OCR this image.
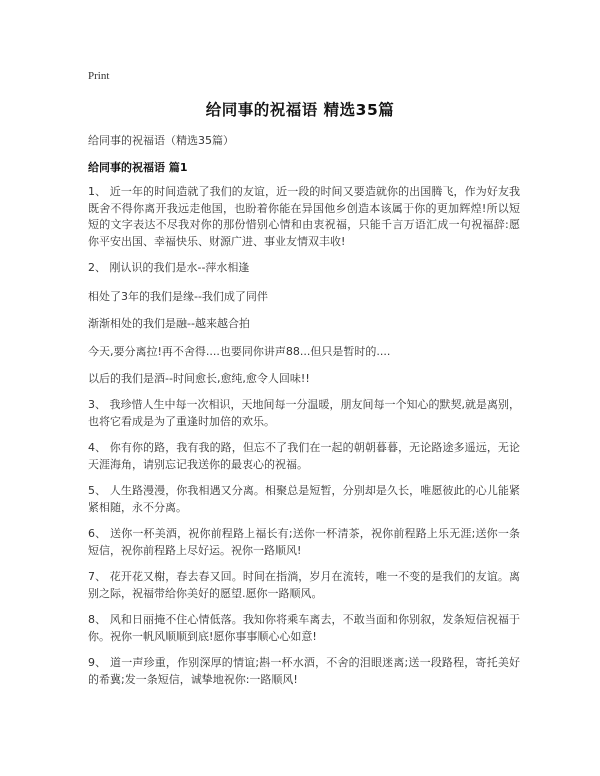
Print
给同事的祝福语 精选35篇
给同事的祝福语（精选35篇）
给同事的祝福语 篇1

1、 近一年的时间造就了我们的友谊，近一段的时间又要造就你的出国腾飞，作为好友我既舍不得你离开我远走他国，也盼着你能在异国他乡创造本该属于你的更加辉煌!所以短短的文字表达不尽我对你的那份惜别心情和由衷祝福，只能千言万语汇成一句祝福辞:愿你平安出国、幸福快乐、财源广进、事业友情双丰收!

2、 刚认识的我们是水--萍水相逢

相处了3年的我们是缘--我们成了同伴

渐渐相处的我们是融--越来越合拍

今天,要分离拉!再不舍得....也要同你讲声88...但只是暂时的....

以后的我们是酒--时间愈长,愈纯,愈令人回味!!

3、 我珍惜人生中每一次相识，天地间每一分温暖，朋友间每一个知心的默契,就是离别，也将它看成是为了重逢时加倍的欢乐。

4、 你有你的路，我有我的路，但忘不了我们在一起的朝朝暮暮，无论路途多遥远，无论天涯海角，请别忘记我送你的最衷心的祝福。

5、 人生路漫漫，你我相遇又分离。相聚总是短暂，分别却是久长，唯愿彼此的心儿能紧紧相随，永不分离。

6、 送你一杯美酒，祝你前程路上福长有;送你一杯清茶，祝你前程路上乐无涯;送你一条短信，祝你前程路上尽好运。祝你一路顺风!

7、 花开花又榭，春去春又回。时间在指淌，岁月在流转，唯一不变的是我们的友谊。离别之际，祝福带给你美好的愿望.愿你一路顺风。

8、 风和日丽掩不住心情低落。我知你将乘车离去，不敢当面和你别叙，发条短信祝福于你。祝你一帆风顺顺到底!愿你事事顺心心如意!

9、 道一声珍重，作别深厚的情谊;斟一杯水酒，不舍的泪眼迷离;送一段路程，寄托美好的希冀;发一条短信，诚挚地祝你:一路顺风!
